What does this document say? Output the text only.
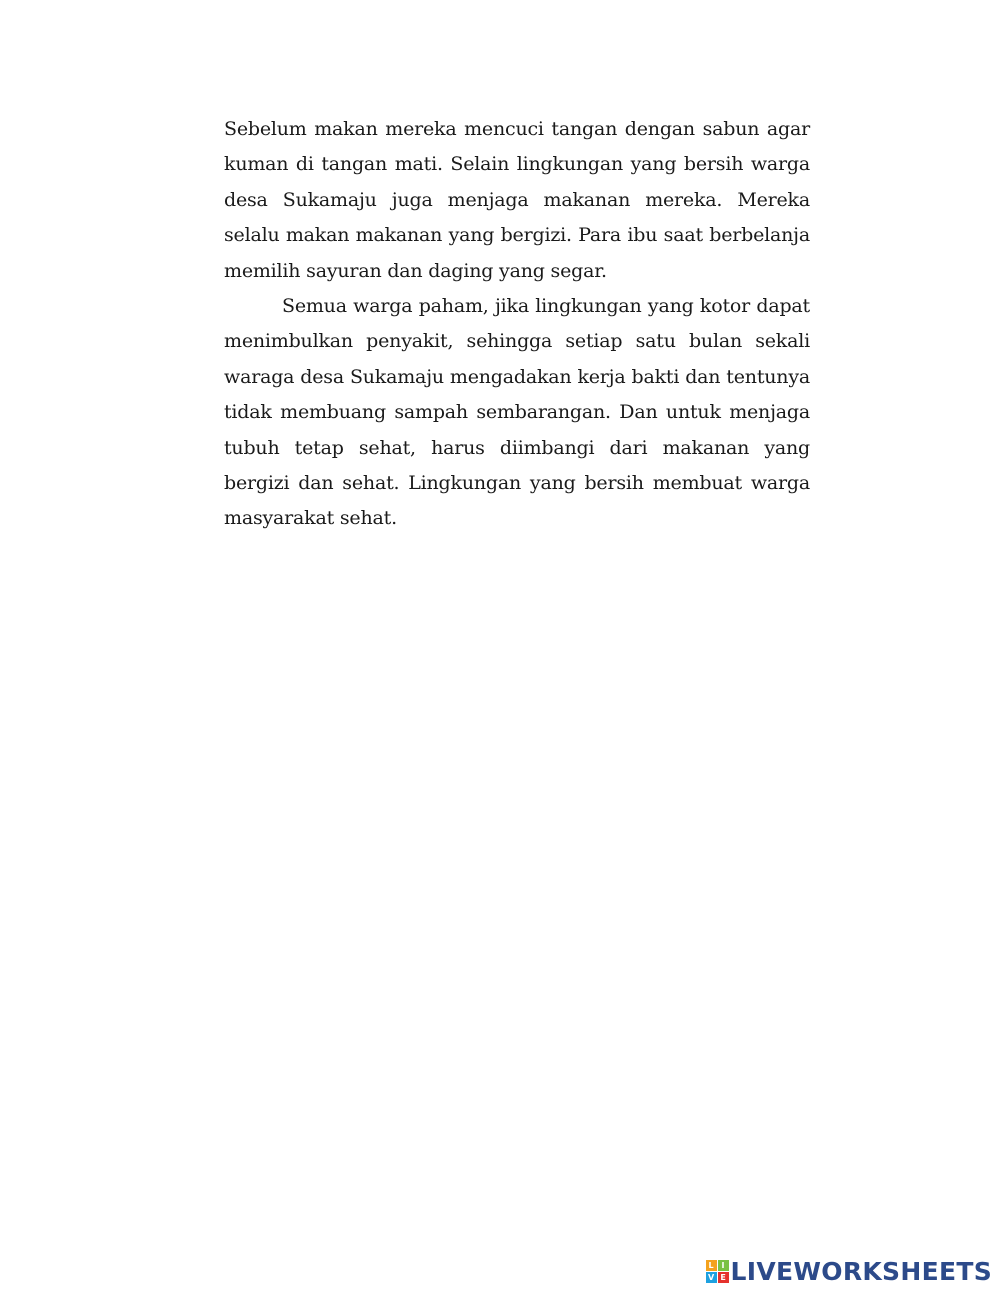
Sebelum makan mereka mencuci tangan dengan sabun agar kuman di tangan mati. Selain lingkungan yang bersih warga desa Sukamaju juga menjaga makanan mereka. Mereka selalu makan makanan yang bergizi. Para ibu saat berbelanja memilih sayuran dan daging yang segar.

Semua warga paham, jika lingkungan yang kotor dapat menimbulkan penyakit, sehingga setiap satu bulan sekali waraga desa Sukamaju mengadakan kerja bakti dan tentunya tidak membuang sampah sembarangan. Dan untuk menjaga tubuh tetap sehat, harus diimbangi dari makanan yang bergizi dan sehat. Lingkungan yang bersih membuat warga masyarakat sehat.

L I
V E LIVEWORKSHEETS
